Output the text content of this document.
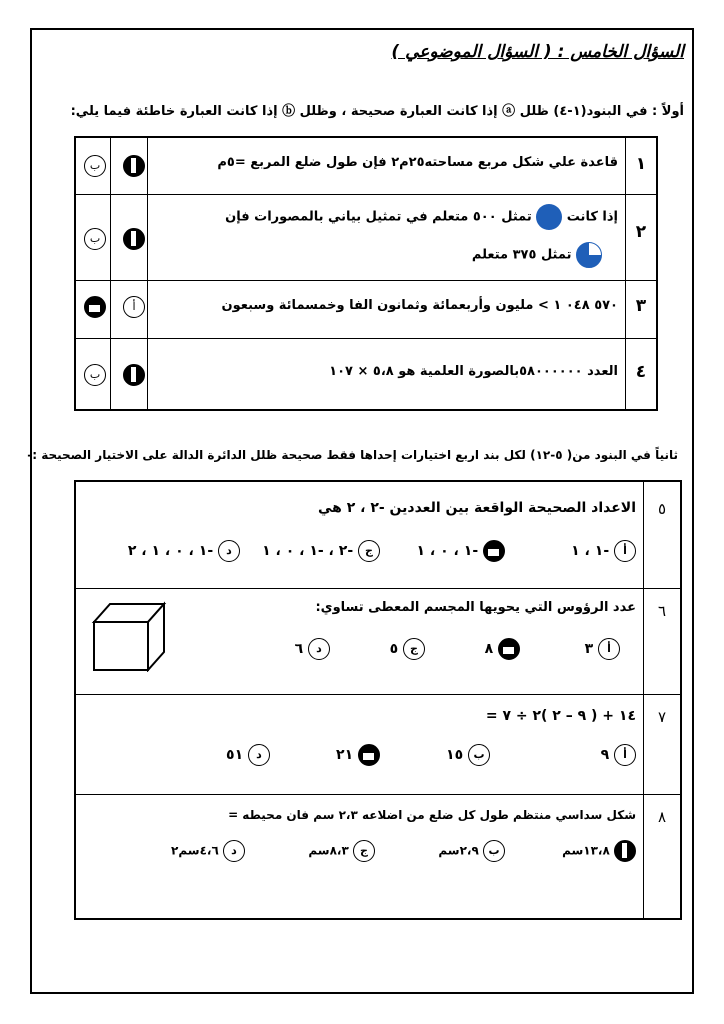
السؤال الخامس : ( السؤال الموضوعي )
أولاً : في البنود(١-٤) ظلل ⓐ إذا كانت العبارة صحيحة ، وظلل ⓑ إذا كانت العبارة خاطئة فيما يلي:
١
قاعدة علي شكل مربع مساحته٢٥م٢ فإن طول ضلع المربع =٥م
ب
٢
إذا كانت  تمثل ٥٠٠ متعلم في تمثيل بياني بالمصورات فإن
تمثل ٣٧٥ متعلم
ب
٣
٥٧٠ ٠٤٨ ١ > مليون وأربعمائة وثمانون الفا وخمسمائة وسبعون
أ
٤
العدد ٥٨٠٠٠٠٠٠بالصورة العلمية هو ٥،٨ × ١٠٧
ب
ثانياً في البنود من( ٥-١٢) لكل بند اربع اختيارات إحداها فقط صحيحة ظلل الدائرة الدالة على الاختيار الصحيحة :-
٥
الاعداد الصحيحة الواقعة بين العددين -٢ ، ٢ هي
أ -١ ، ١
-١ ، ٠ ، ١
ج -٢ ، -١ ، ٠ ، ١
د -١ ، ٠ ، ١ ، ٢
٦
عدد الرؤوس التي يحويها المجسم المعطى تساوي:
أ ٣
٨
ج ٥
د ٦
٧
١٤ + ( ٩ – ٢ )٢ ÷ ٧ =
أ ٩
ب ١٥
٢١
د ٥١
٨
شكل سداسي منتظم طول كل ضلع من اضلاعه ٢،٣ سم فان محيطه =
١٣،٨سم
ب ٢،٩سم
ج ٨،٣سم
د ٤،٦سم٢
